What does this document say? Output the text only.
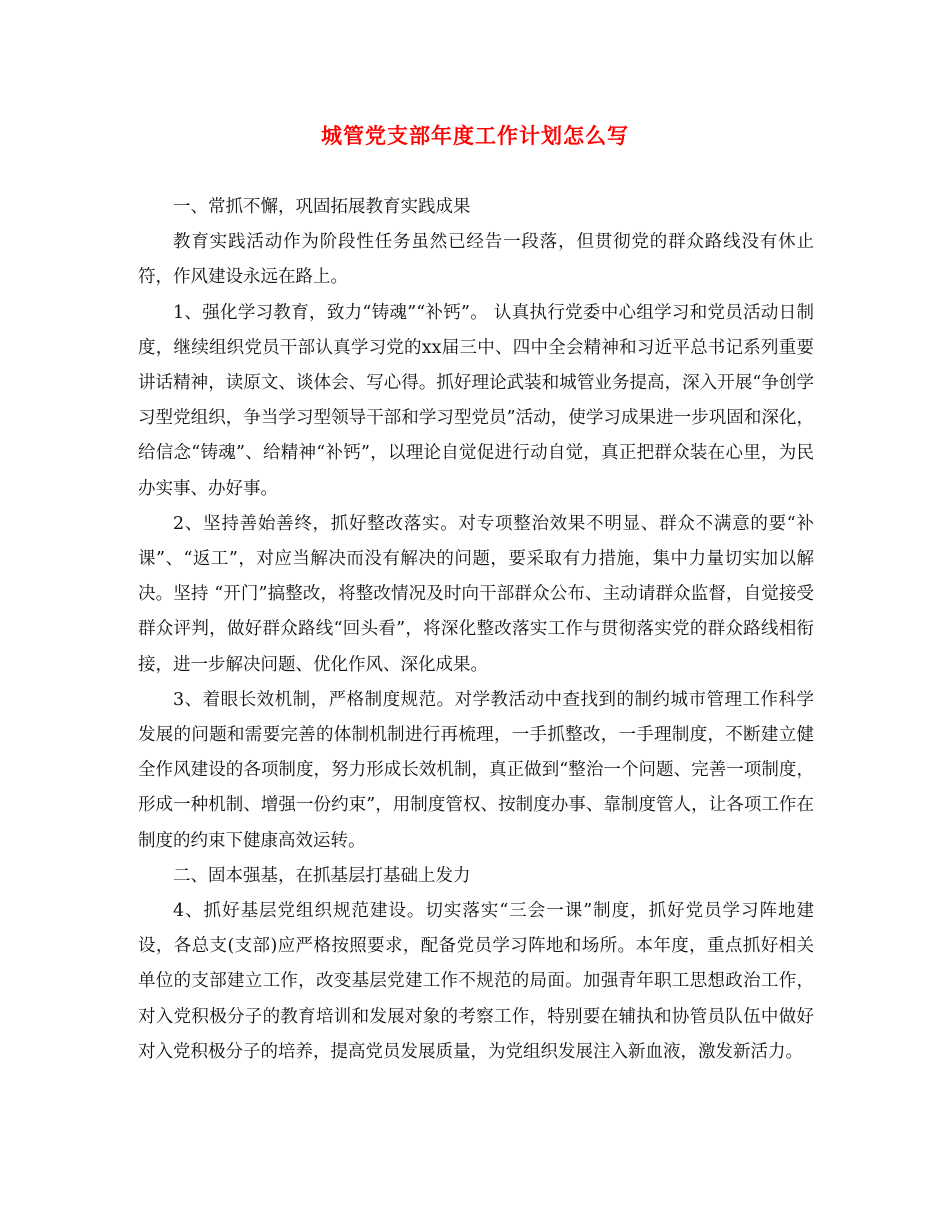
城管党支部年度工作计划怎么写

一、常抓不懈，巩固拓展教育实践成果

教育实践活动作为阶段性任务虽然已经告一段落，但贯彻党的群众路线没有休止符，作风建设永远在路上。

1、强化学习教育，致力“铸魂”“补钙”。 认真执行党委中心组学习和党员活动日制度，继续组织党员干部认真学习党的xx届三中、四中全会精神和习近平总书记系列重要讲话精神，读原文、谈体会、写心得。抓好理论武装和城管业务提高，深入开展“争创学习型党组织，争当学习型领导干部和学习型党员”活动，使学习成果进一步巩固和深化，给信念“铸魂”、给精神“补钙”，以理论自觉促进行动自觉，真正把群众装在心里，为民办实事、办好事。

2、坚持善始善终，抓好整改落实。对专项整治效果不明显、群众不满意的要“补课”、“返工”，对应当解决而没有解决的问题，要采取有力措施，集中力量切实加以解决。坚持 “开门”搞整改，将整改情况及时向干部群众公布、主动请群众监督，自觉接受群众评判，做好群众路线“回头看”，将深化整改落实工作与贯彻落实党的群众路线相衔接，进一步解决问题、优化作风、深化成果。

3、着眼长效机制，严格制度规范。对学教活动中查找到的制约城市管理工作科学发展的问题和需要完善的体制机制进行再梳理，一手抓整改，一手理制度，不断建立健全作风建设的各项制度，努力形成长效机制，真正做到“整治一个问题、完善一项制度，形成一种机制、增强一份约束”，用制度管权、按制度办事、靠制度管人，让各项工作在制度的约束下健康高效运转。

二、固本强基，在抓基层打基础上发力

4、抓好基层党组织规范建设。切实落实“三会一课”制度，抓好党员学习阵地建设，各总支(支部)应严格按照要求，配备党员学习阵地和场所。本年度，重点抓好相关单位的支部建立工作，改变基层党建工作不规范的局面。加强青年职工思想政治工作，对入党积极分子的教育培训和发展对象的考察工作，特别要在辅执和协管员队伍中做好对入党积极分子的培养，提高党员发展质量，为党组织发展注入新血液，激发新活力。
